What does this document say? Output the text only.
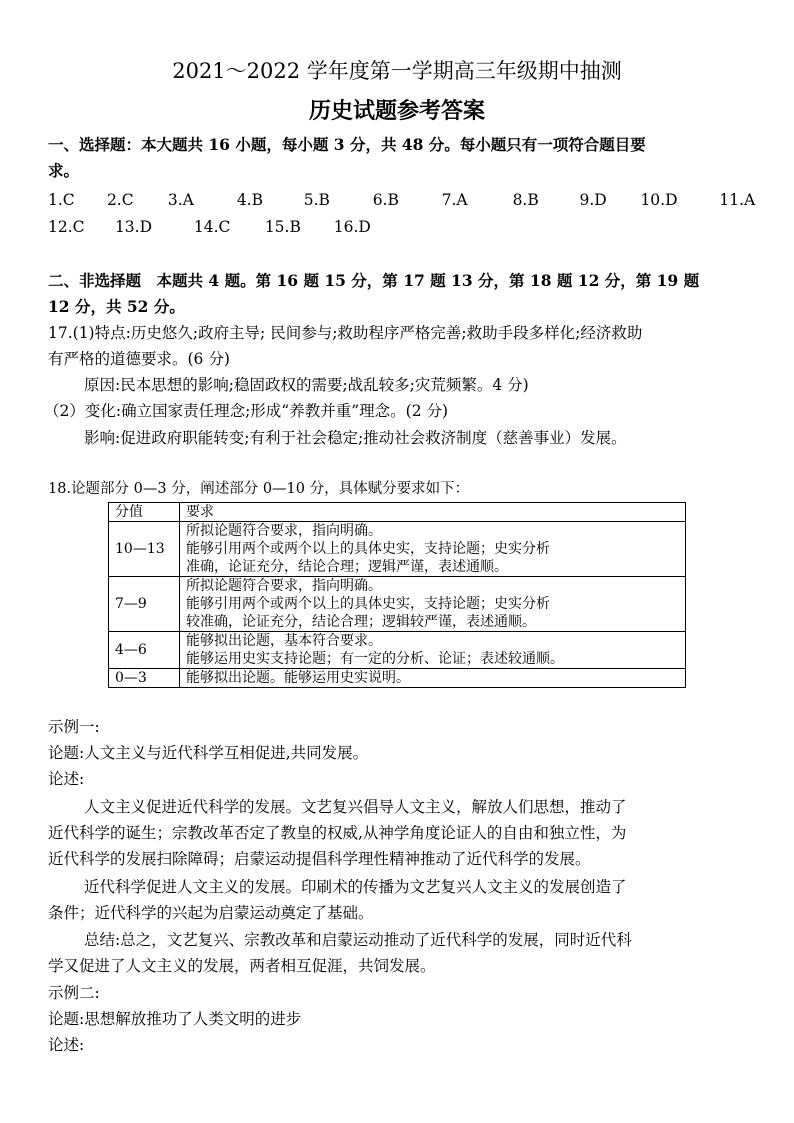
2021～2022 学年度第一学期高三年级期中抽测
历史试题参考答案
一、选择题：本大题共 16 小题，每小题 3 分，共 48 分。每小题只有一项符合题目要
求。
1.C 2.C 3.A	4.B	5.B	6.B	7.A	8.B	9.D 10.D	11.A
12.C 13.D	14.C 15.B 16.D
二、非选择题　本题共 4 题。第 16 题 15 分，第 17 题 13 分，第 18 题 12 分，第 19 题
12 分，共 52 分。
17.(1)特点:历史悠久;政府主导; 民间参与;救助程序严格完善;救助手段多样化;经济救助
有严格的道德要求。(6 分)
原因:民本思想的影响;稳固政权的需要;战乱较多;灾荒频繁。4 分)
（2）变化:确立国家责任理念;形成“养教并重”理念。(2 分)
影响:促进政府职能转变;有利于社会稳定;推动社会救济制度（慈善事业）发展。
18.论题部分 0—3 分，阐述部分 0—10 分，具体赋分要求如下：
分值	要求
10—13	所拟论题符合要求，指向明确。
能够引用两个或两个以上的具体史实，支持论题；史实分析
准确，论证充分，结论合理；逻辑严谨，表述通顺。

7—9	所拟论题符合要求，指向明确。
能够引用两个或两个以上的具体史实，支持论题；史实分析
较准确，论证充分，结论合理；逻辑较严谨，表述通顺。

4—6	能够拟出论题，基本符合要求。
能够运用史实支持论题；有一定的分析、论证；表述较通顺。

0—3	能够拟出论题。能够运用史实说明。
示例一:
论题:人文主义与近代科学互相促进,共同发展。
论述:
人文主义促进近代科学的发展。文艺复兴倡导人文主义，解放人们思想，推动了
近代科学的诞生；宗教改革否定了教皇的权威,从神学角度论证人的自由和独立性，为
近代科学的发展扫除障碍；启蒙运动提倡科学理性精神推动了近代科学的发展。
近代科学促进人文主义的发展。印刷术的传播为文艺复兴人文主义的发展创造了
条件；近代科学的兴起为启蒙运动奠定了基础。
总结:总之，文艺复兴、宗教改革和启蒙运动推动了近代科学的发展，同时近代科
学又促进了人文主义的发展，两者相互促涯，共饲发展。
示例二:
论题:思想解放推功了人类文明的进步
论述:
